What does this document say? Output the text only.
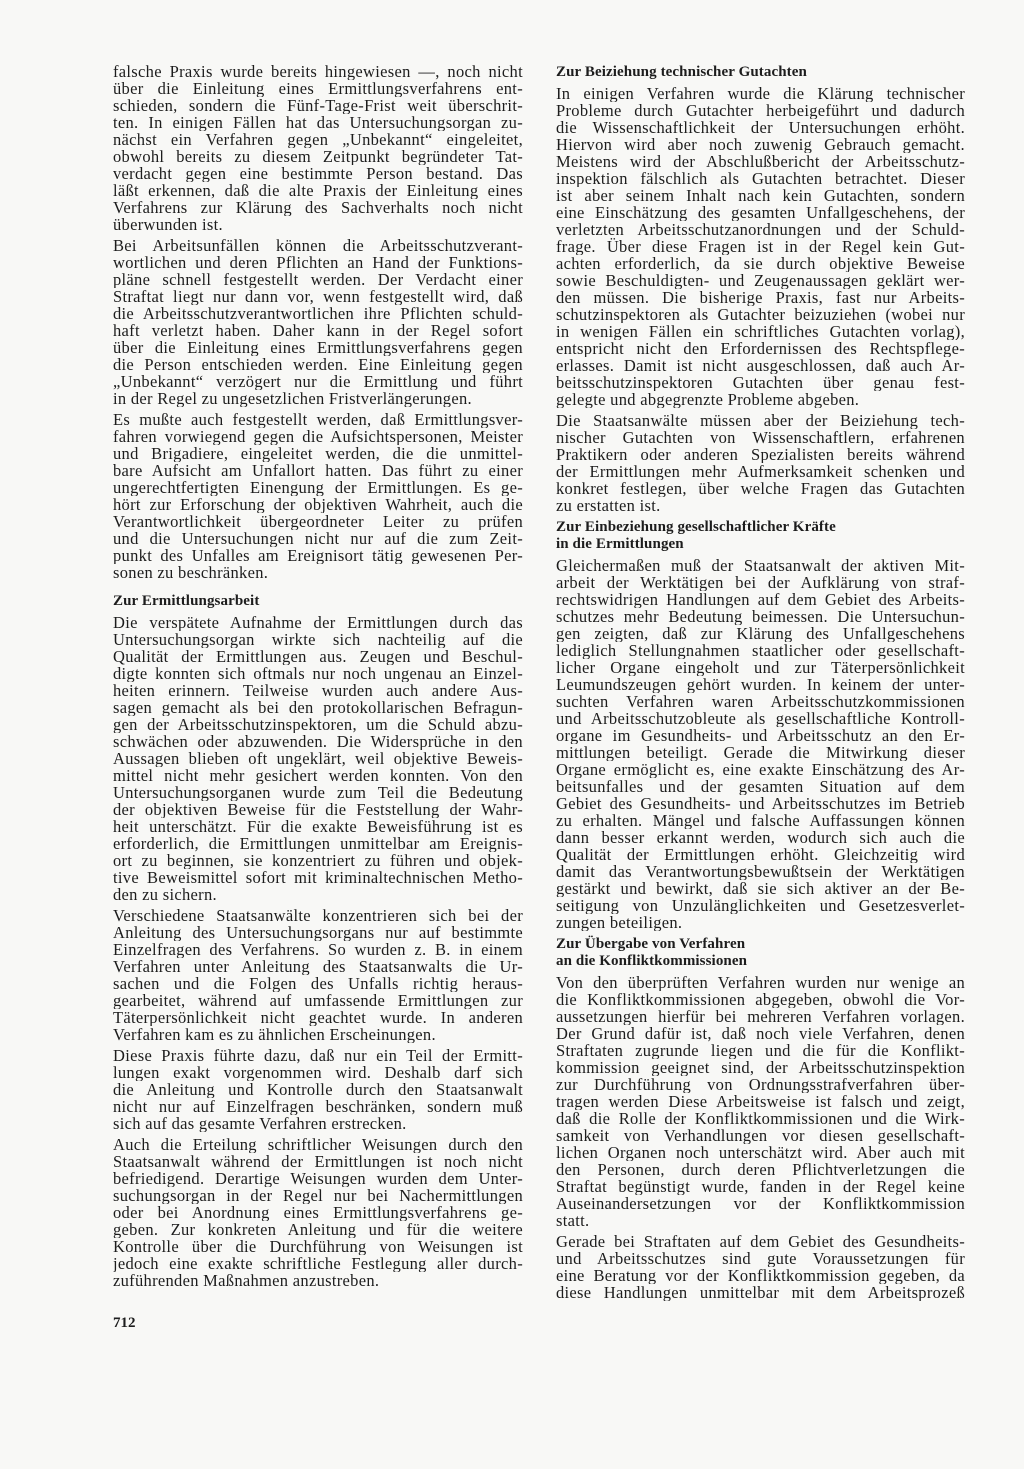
falsche Praxis wurde bereits hingewiesen —, noch nicht
über die Einleitung eines Ermittlungsverfahrens ent-
schieden, sondern die Fünf-Tage-Frist weit überschrit-
ten. In einigen Fällen hat das Untersuchungsorgan zu-
nächst ein Verfahren gegen „Unbekannt“ eingeleitet,
obwohl bereits zu diesem Zeitpunkt begründeter Tat-
verdacht gegen eine bestimmte Person bestand. Das
läßt erkennen, daß die alte Praxis der Einleitung eines
Verfahrens zur Klärung des Sachverhalts noch nicht
überwunden ist.
Bei Arbeitsunfällen können die Arbeitsschutzverant-
wortlichen und deren Pflichten an Hand der Funktions-
pläne schnell festgestellt werden. Der Verdacht einer
Straftat liegt nur dann vor, wenn festgestellt wird, daß
die Arbeitsschutzverantwortlichen ihre Pflichten schuld-
haft verletzt haben. Daher kann in der Regel sofort
über die Einleitung eines Ermittlungsverfahrens gegen
die Person entschieden werden. Eine Einleitung gegen
„Unbekannt“ verzögert nur die Ermittlung und führt
in der Regel zu ungesetzlichen Fristverlängerungen.
Es mußte auch festgestellt werden, daß Ermittlungsver-
fahren vorwiegend gegen die Aufsichtspersonen, Meister
und Brigadiere, eingeleitet werden, die die unmittel-
bare Aufsicht am Unfallort hatten. Das führt zu einer
ungerechtfertigten Einengung der Ermittlungen. Es ge-
hört zur Erforschung der objektiven Wahrheit, auch die
Verantwortlichkeit übergeordneter Leiter zu prüfen
und die Untersuchungen nicht nur auf die zum Zeit-
punkt des Unfalles am Ereignisort tätig gewesenen Per-
sonen zu beschränken.
Zur Ermittlungsarbeit
Die verspätete Aufnahme der Ermittlungen durch das
Untersuchungsorgan wirkte sich nachteilig auf die
Qualität der Ermittlungen aus. Zeugen und Beschul-
digte konnten sich oftmals nur noch ungenau an Einzel-
heiten erinnern. Teilweise wurden auch andere Aus-
sagen gemacht als bei den protokollarischen Befragun-
gen der Arbeitsschutzinspektoren, um die Schuld abzu-
schwächen oder abzuwenden. Die Widersprüche in den
Aussagen blieben oft ungeklärt, weil objektive Beweis-
mittel nicht mehr gesichert werden konnten. Von den
Untersuchungsorganen wurde zum Teil die Bedeutung
der objektiven Beweise für die Feststellung der Wahr-
heit unterschätzt. Für die exakte Beweisführung ist es
erforderlich, die Ermittlungen unmittelbar am Ereignis-
ort zu beginnen, sie konzentriert zu führen und objek-
tive Beweismittel sofort mit kriminaltechnischen Metho-
den zu sichern.
Verschiedene Staatsanwälte konzentrieren sich bei der
Anleitung des Untersuchungsorgans nur auf bestimmte
Einzelfragen des Verfahrens. So wurden z. B. in einem
Verfahren unter Anleitung des Staatsanwalts die Ur-
sachen und die Folgen des Unfalls richtig heraus-
gearbeitet, während auf umfassende Ermittlungen zur
Täterpersönlichkeit nicht geachtet wurde. In anderen
Verfahren kam es zu ähnlichen Erscheinungen.
Diese Praxis führte dazu, daß nur ein Teil der Ermitt-
lungen exakt vorgenommen wird. Deshalb darf sich
die Anleitung und Kontrolle durch den Staatsanwalt
nicht nur auf Einzelfragen beschränken, sondern muß
sich auf das gesamte Verfahren erstrecken.
Auch die Erteilung schriftlicher Weisungen durch den
Staatsanwalt während der Ermittlungen ist noch nicht
befriedigend. Derartige Weisungen wurden dem Unter-
suchungsorgan in der Regel nur bei Nachermittlungen
oder bei Anordnung eines Ermittlungsverfahrens ge-
geben. Zur konkreten Anleitung und für die weitere
Kontrolle über die Durchführung von Weisungen ist
jedoch eine exakte schriftliche Festlegung aller durch-
zuführenden Maßnahmen anzustreben.
Zur Beiziehung technischer Gutachten
In einigen Verfahren wurde die Klärung technischer
Probleme durch Gutachter herbeigeführt und dadurch
die Wissenschaftlichkeit der Untersuchungen erhöht.
Hiervon wird aber noch zuwenig Gebrauch gemacht.
Meistens wird der Abschlußbericht der Arbeitsschutz-
inspektion fälschlich als Gutachten betrachtet. Dieser
ist aber seinem Inhalt nach kein Gutachten, sondern
eine Einschätzung des gesamten Unfallgeschehens, der
verletzten Arbeitsschutzanordnungen und der Schuld-
frage. Über diese Fragen ist in der Regel kein Gut-
achten erforderlich, da sie durch objektive Beweise
sowie Beschuldigten- und Zeugenaussagen geklärt wer-
den müssen. Die bisherige Praxis, fast nur Arbeits-
schutzinspektoren als Gutachter beizuziehen (wobei nur
in wenigen Fällen ein schriftliches Gutachten vorlag),
entspricht nicht den Erfordernissen des Rechtspflege-
erlasses. Damit ist nicht ausgeschlossen, daß auch Ar-
beitsschutzinspektoren Gutachten über genau fest-
gelegte und abgegrenzte Probleme abgeben.
Die Staatsanwälte müssen aber der Beiziehung tech-
nischer Gutachten von Wissenschaftlern, erfahrenen
Praktikern oder anderen Spezialisten bereits während
der Ermittlungen mehr Aufmerksamkeit schenken und
konkret festlegen, über welche Fragen das Gutachten
zu erstatten ist.
Zur Einbeziehung gesellschaftlicher Kräfte
in die Ermittlungen
Gleichermaßen muß der Staatsanwalt der aktiven Mit-
arbeit der Werktätigen bei der Aufklärung von straf-
rechtswidrigen Handlungen auf dem Gebiet des Arbeits-
schutzes mehr Bedeutung beimessen. Die Untersuchun-
gen zeigten, daß zur Klärung des Unfallgeschehens
lediglich Stellungnahmen staatlicher oder gesellschaft-
licher Organe eingeholt und zur Täterpersönlichkeit
Leumundszeugen gehört wurden. In keinem der unter-
suchten Verfahren waren Arbeitsschutzkommissionen
und Arbeitsschutzobleute als gesellschaftliche Kontroll-
organe im Gesundheits- und Arbeitsschutz an den Er-
mittlungen beteiligt. Gerade die Mitwirkung dieser
Organe ermöglicht es, eine exakte Einschätzung des Ar-
beitsunfalles und der gesamten Situation auf dem
Gebiet des Gesundheits- und Arbeitsschutzes im Betrieb
zu erhalten. Mängel und falsche Auffassungen können
dann besser erkannt werden, wodurch sich auch die
Qualität der Ermittlungen erhöht. Gleichzeitig wird
damit das Verantwortungsbewußtsein der Werktätigen
gestärkt und bewirkt, daß sie sich aktiver an der Be-
seitigung von Unzulänglichkeiten und Gesetzesverlet-
zungen beteiligen.
Zur Übergabe von Verfahren
an die Konfliktkommissionen
Von den überprüften Verfahren wurden nur wenige an
die Konfliktkommissionen abgegeben, obwohl die Vor-
aussetzungen hierfür bei mehreren Verfahren vorlagen.
Der Grund dafür ist, daß noch viele Verfahren, denen
Straftaten zugrunde liegen und die für die Konflikt-
kommission geeignet sind, der Arbeitsschutzinspektion
zur Durchführung von Ordnungsstrafverfahren über-
tragen werden Diese Arbeitsweise ist falsch und zeigt,
daß die Rolle der Konfliktkommissionen und die Wirk-
samkeit von Verhandlungen vor diesen gesellschaft-
lichen Organen noch unterschätzt wird. Aber auch mit
den Personen, durch deren Pflichtverletzungen die
Straftat begünstigt wurde, fanden in der Regel keine
Auseinandersetzungen vor der Konfliktkommission
statt.
Gerade bei Straftaten auf dem Gebiet des Gesundheits-
und Arbeitsschutzes sind gute Voraussetzungen für
eine Beratung vor der Konfliktkommission gegeben, da
diese Handlungen unmittelbar mit dem Arbeitsprozeß
712
